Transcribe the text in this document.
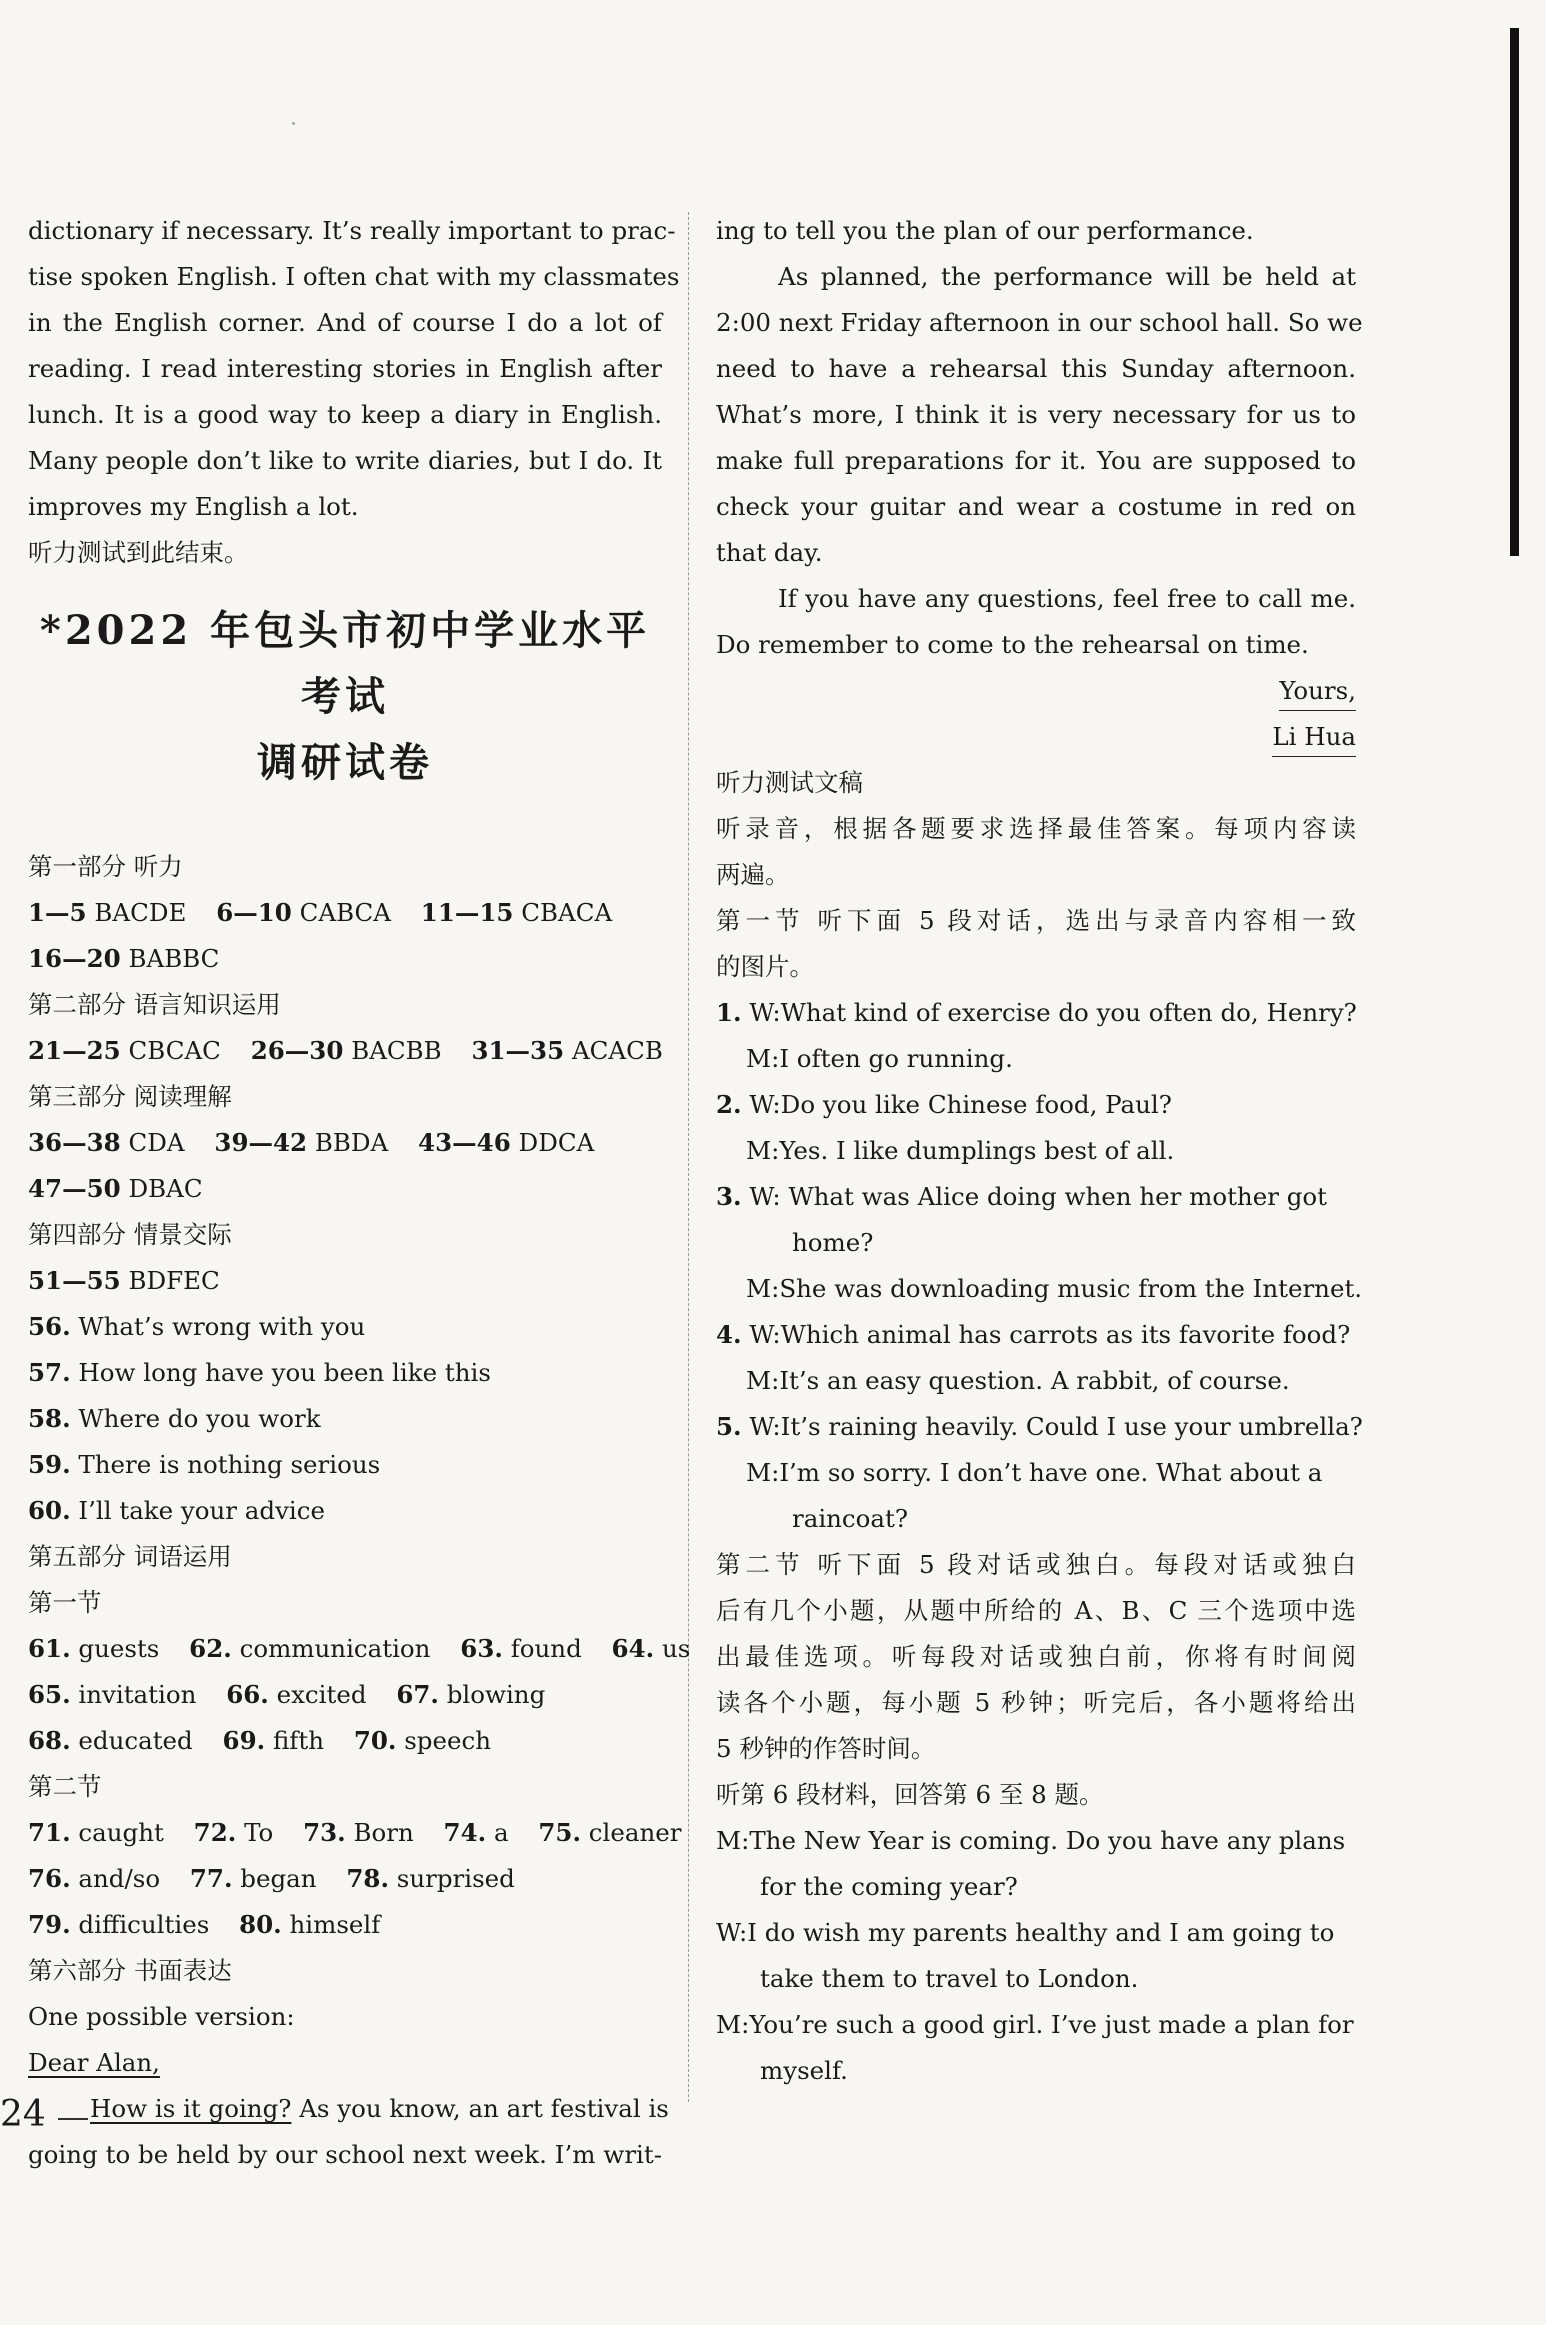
dictionary if necessary. It’s really important to prac-
tise spoken English. I often chat with my classmates
in the English corner. And of course I do a lot of
reading. I read interesting stories in English after
lunch. It is a good way to keep a diary in English.
Many people don’t like to write diaries, but I do. It
improves my English a lot.
听力测试到此结束。
*2022 年包头市初中学业水平考试
调研试卷
第一部分 听力
1—5 BACDE 6—10 CABCA 11—15 CBACA
16—20 BABBC
第二部分 语言知识运用
21—25 CBCAC 26—30 BACBB 31—35 ACACB
第三部分 阅读理解
36—38 CDA 39—42 BBDA 43—46 DDCA
47—50 DBAC
第四部分 情景交际
51—55 BDFEC
56. What’s wrong with you
57. How long have you been like this
58. Where do you work
59. There is nothing serious
60. I’ll take your advice
第五部分 词语运用
第一节
61. guests 62. communication 63. found 64. us
65. invitation 66. excited 67. blowing
68. educated 69. fifth 70. speech
第二节
71. caught 72. To 73. Born 74. a 75. cleaner
76. and/so 77. began 78. surprised
79. difficulties 80. himself
第六部分 书面表达
One possible version:
Dear Alan,
How is it going? As you know, an art festival is
going to be held by our school next week. I’m writ-
24
ing to tell you the plan of our performance.
As planned, the performance will be held at
2:00 next Friday afternoon in our school hall. So we
need to have a rehearsal this Sunday afternoon.
What’s more, I think it is very necessary for us to
make full preparations for it. You are supposed to
check your guitar and wear a costume in red on
that day.
If you have any questions, feel free to call me.
Do remember to come to the rehearsal on time.
Yours,
Li Hua
听力测试文稿
听录音，根据各题要求选择最佳答案。每项内容读
两遍。
第一节 听下面 5 段对话，选出与录音内容相一致
的图片。
1. W:What kind of exercise do you often do, Henry?
M:I often go running.
2. W:Do you like Chinese food, Paul?
M:Yes. I like dumplings best of all.
3. W: What was Alice doing when her mother got
home?
M:She was downloading music from the Internet.
4. W:Which animal has carrots as its favorite food?
M:It’s an easy question. A rabbit, of course.
5. W:It’s raining heavily. Could I use your umbrella?
M:I’m so sorry. I don’t have one. What about a
raincoat?
第二节 听下面 5 段对话或独白。每段对话或独白
后有几个小题，从题中所给的 A、B、C 三个选项中选
出最佳选项。听每段对话或独白前，你将有时间阅
读各个小题，每小题 5 秒钟；听完后，各小题将给出
5 秒钟的作答时间。
听第 6 段材料，回答第 6 至 8 题。
M:The New Year is coming. Do you have any plans
for the coming year?
W:I do wish my parents healthy and I am going to
take them to travel to London.
M:You’re such a good girl. I’ve just made a plan for
myself.
